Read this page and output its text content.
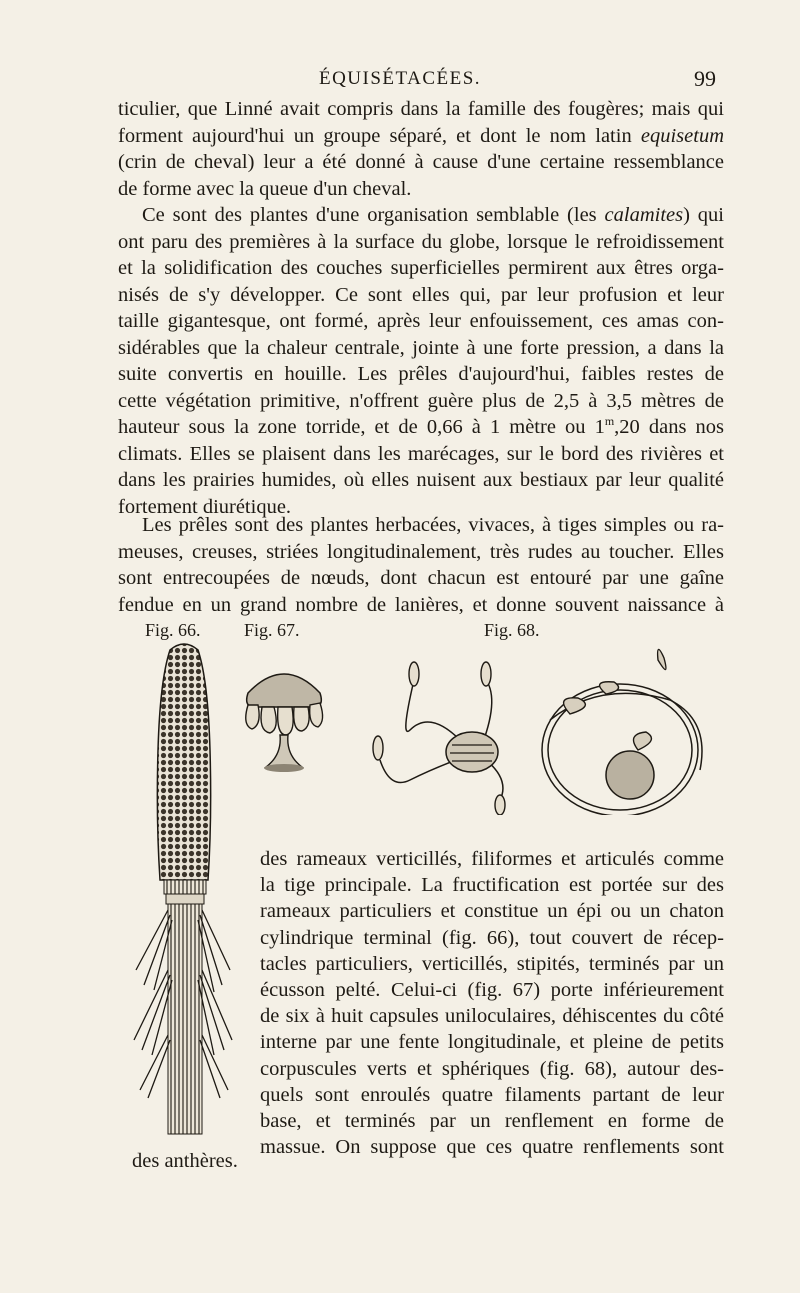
ÉQUISÉTACÉES.	99
ticulier, que Linné avait compris dans la famille des fougères; mais qui
forment aujourd'hui un groupe séparé, et dont le nom latin equisetum
(crin de cheval) leur a été donné à cause d'une certaine ressemblance
de forme avec la queue d'un cheval.
Ce sont des plantes d'une organisation semblable (les calamites) qui
ont paru des premières à la surface du globe, lorsque le refroidissement
et la solidification des couches superficielles permirent aux êtres orga-
nisés de s'y développer. Ce sont elles qui, par leur profusion et leur
taille gigantesque, ont formé, après leur enfouissement, ces amas con-
sidérables que la chaleur centrale, jointe à une forte pression, a dans la
suite convertis en houille. Les prêles d'aujourd'hui, faibles restes de
cette végétation primitive, n'offrent guère plus de 2,5 à 3,5 mètres de
hauteur sous la zone torride, et de 0,66 à 1 mètre ou 1$^m$,20 dans nos
climats. Elles se plaisent dans les marécages, sur le bord des rivières et
dans les prairies humides, où elles nuisent aux bestiaux par leur qualité
fortement diurétique.
Les prêles sont des plantes herbacées, vivaces, à tiges simples ou ra-
meuses, creuses, striées longitudinalement, très rudes au toucher. Elles
sont entrecoupées de nœuds, dont chacun est entouré par une gaîne
fendue en un grand nombre de lanières, et donne souvent naissance à
Fig. 66. Fig. 67.	Fig. 68.
des rameaux verticillés, filiformes et articulés comme
la tige principale. La fructification est portée sur des
rameaux particuliers et constitue un épi ou un chaton
cylindrique terminal (fig. 66), tout couvert de récep-
tacles particuliers, verticillés, stipités, terminés par un
écusson pelté. Celui-ci (fig. 67) porte inférieurement
de six à huit capsules uniloculaires, déhiscentes du côté
interne par une fente longitudinale, et pleine de petits
corpuscules verts et sphériques (fig. 68), autour des-
quels sont enroulés quatre filaments partant de leur
base, et terminés par un renflement en forme de
massue. On suppose que ces quatre renflements sont
des anthères.
